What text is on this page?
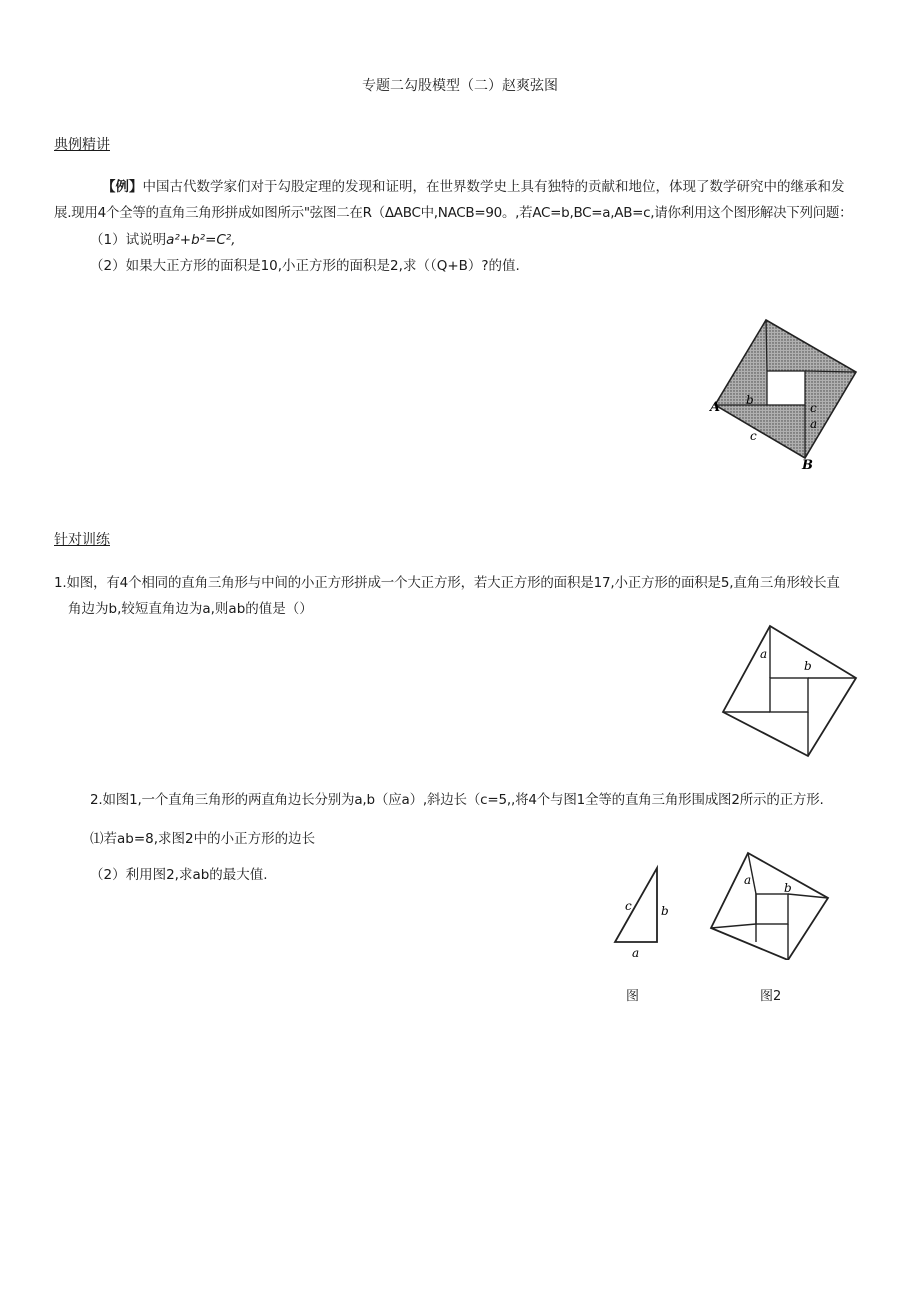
专题二勾股模型（二）赵爽弦图
典例精讲
【例】中国古代数学家们对于勾股定理的发现和证明，在世界数学史上具有独特的贡献和地位，体现了数学研究中的继承和发
展.现用4个全等的直角三角形拼成如图所示"弦图二在R（ΔABC中,NACB=90。,若AC=b,BC=a,AB=c,请你利用这个图形解决下列问题：
（1）试说明a²+b²=C²,
（2）如果大正方形的面积是10,小正方形的面积是2,求（（Q+B）?的值.
A
B
b
c
a
c
针对训练
1.如图，有4个相同的直角三角形与中间的小正方形拼成一个大正方形，若大正方形的面积是17,小正方形的面积是5,直角三角形较长直
角边为b,较短直角边为a,则ab的值是（）
a
b
2.如图1,一个直角三角形的两直角边长分别为a,b（应a）,斜边长（c=5,,将4个与图1全等的直角三角形围成图2所示的正方形.
⑴若ab=8,求图2中的小正方形的边长
（2）利用图2,求ab的最大值.
c b
a
a
b
图	图2
